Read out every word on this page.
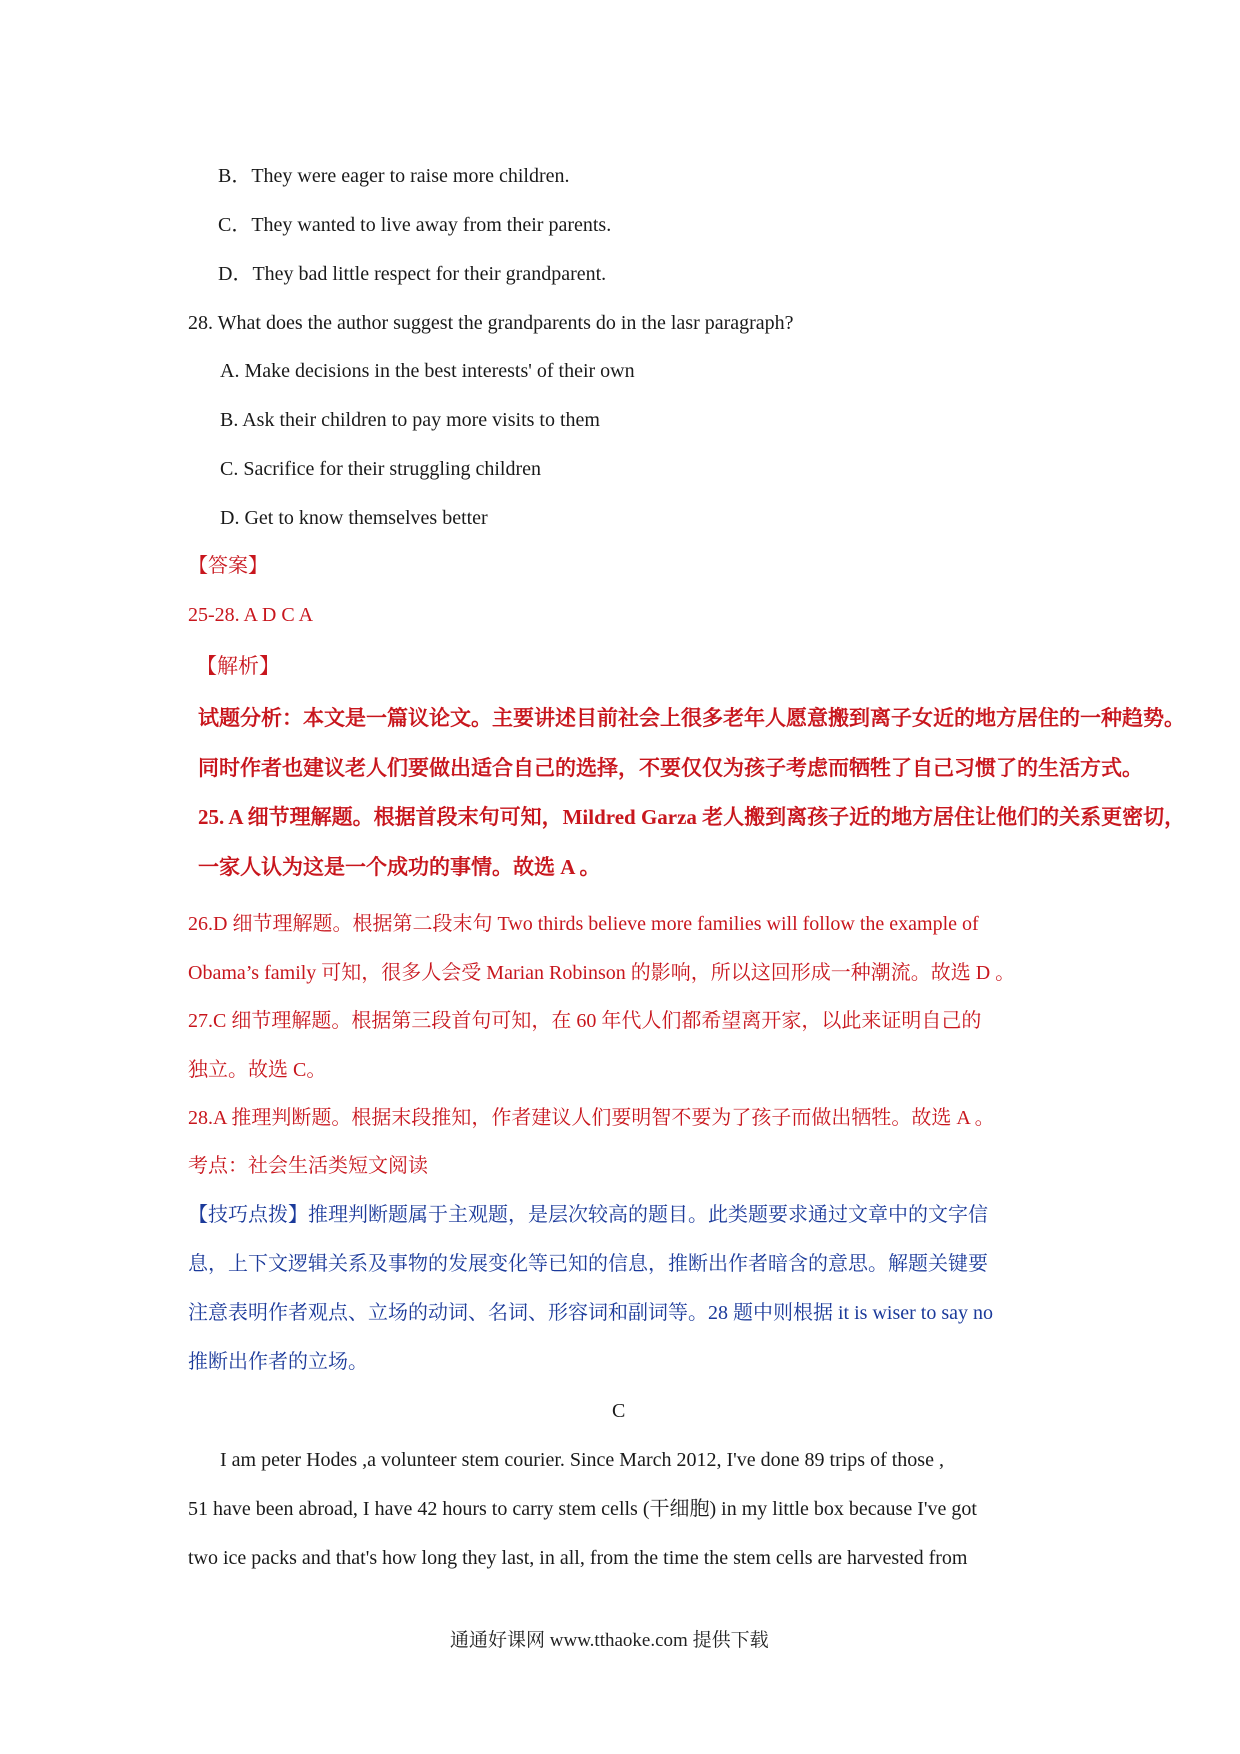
B．They were eager to raise more children.
C．They wanted to live away from their parents.
D．They bad little respect for their grandparent.
28. What does the author suggest the grandparents do in the lasr paragraph?
A. Make decisions in the best interests' of their own
B. Ask their children to pay more visits to them
C. Sacrifice for their struggling children
D. Get to know themselves better
【答案】
25-28. A D C A
【解析】
试题分析：本文是一篇议论文。主要讲述目前社会上很多老年人愿意搬到离子女近的地方居住的一种趋势。
同时作者也建议老人们要做出适合自己的选择，不要仅仅为孩子考虑而牺牲了自己习惯了的生活方式。
25. A 细节理解题。根据首段末句可知，Mildred Garza 老人搬到离孩子近的地方居住让他们的关系更密切，
一家人认为这是一个成功的事情。故选 A 。
26.D 细节理解题。根据第二段末句 Two thirds believe more families will follow the example of
Obama’s family 可知，很多人会受 Marian Robinson 的影响，所以这回形成一种潮流。故选 D 。
27.C 细节理解题。根据第三段首句可知，在 60 年代人们都希望离开家，以此来证明自己的
独立。故选 C。
28.A 推理判断题。根据末段推知，作者建议人们要明智不要为了孩子而做出牺牲。故选 A 。
考点：社会生活类短文阅读
【技巧点拨】推理判断题属于主观题，是层次较高的题目。此类题要求通过文章中的文字信
息，上下文逻辑关系及事物的发展变化等已知的信息，推断出作者暗含的意思。解题关键要
注意表明作者观点、立场的动词、名词、形容词和副词等。28 题中则根据 it is wiser to say no
推断出作者的立场。
C
I am peter Hodes ,a volunteer stem courier. Since March 2012, I've done 89 trips of those ,
51 have been abroad, I have 42 hours to carry stem cells (干细胞) in my little box because I've got
two ice packs and that's how long they last, in all, from the time the stem cells are harvested from
通通好课网 www.tthaoke.com 提供下载
